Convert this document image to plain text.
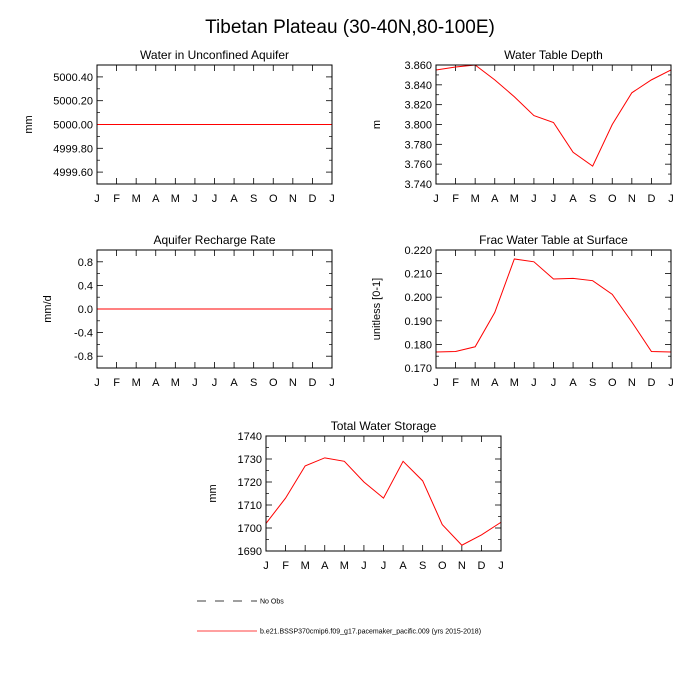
Tibetan Plateau (30-40N,80-100E)
Water in Unconfined Aquifer
mm
J F M A M J J A S O N D J
4999.60
4999.80
5000.00
5000.20
5000.40
Water Table Depth
m
J F M A M J J A S O N D J
3.740
3.760
3.780
3.800
3.820
3.840
3.860
Aquifer Recharge Rate
mm/d
J F M A M J J A S O N D J
-0.8
-0.4
0.0
0.4
0.8
Frac Water Table at Surface
unitless [0-1]
J F M A M J J A S O N D J
0.170
0.180
0.190
0.200
0.210
0.220
Total Water Storage
mm
J F M A M J J A S O N D J
1690
1700
1710
1720
1730
1740
No Obs
b.e21.BSSP370cmip6.f09_g17.pacemaker_pacific.009 (yrs 2015-2018)
